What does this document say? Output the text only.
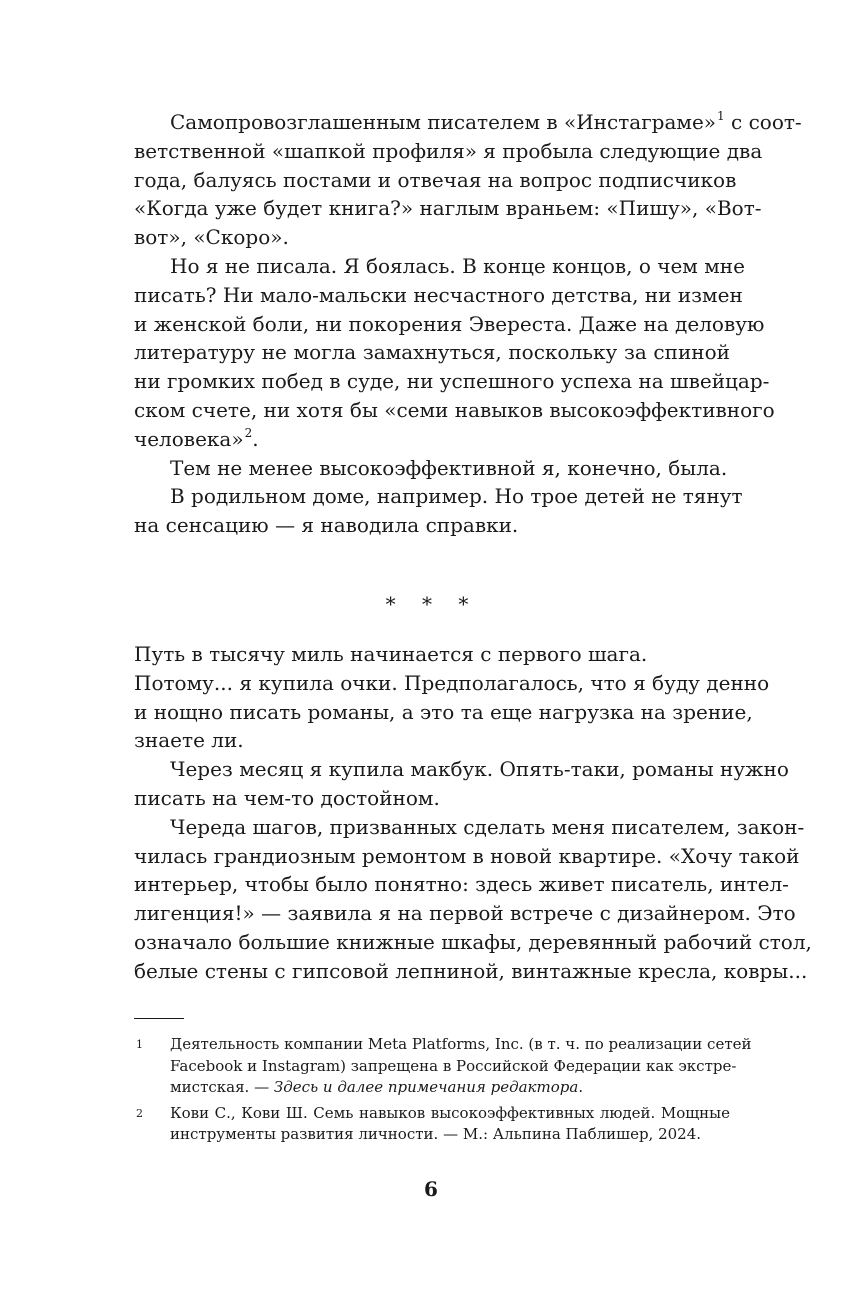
Самопровозглашенным писателем в «Инстаграме»$^1$ с соот-
ветственной «шапкой профиля» я пробыла следующие два
года, балуясь постами и отвечая на вопрос подписчиков
«Когда уже будет книга?» наглым враньем: «Пишу», «Вот-
вот», «Скоро».
Но я не писала. Я боялась. В конце концов, о чем мне
писать? Ни мало-мальски несчастного детства, ни измен
и женской боли, ни покорения Эвереста. Даже на деловую
литературу не могла замахнуться, поскольку за спиной
ни громких побед в суде, ни успешного успеха на швейцар-
ском счете, ни хотя бы «семи навыков высокоэффективного
человека»$^2$.
Тем не менее высокоэффективной я, конечно, была.
В родильном доме, например. Но трое детей не тянут
на сенсацию — я наводила справки.
* * *
Путь в тысячу миль начинается с первого шага.
Потому... я купила очки. Предполагалось, что я буду денно
и нощно писать романы, а это та еще нагрузка на зрение,
знаете ли.
Через месяц я купила макбук. Опять-таки, романы нужно
писать на чем-то достойном.
Череда шагов, призванных сделать меня писателем, закон-
чилась грандиозным ремонтом в новой квартире. «Хочу такой
интерьер, чтобы было понятно: здесь живет писатель, интел-
лигенция!» — заявила я на первой встрече с дизайнером. Это
означало большие книжные шкафы, деревянный рабочий стол,
белые стены с гипсовой лепниной, винтажные кресла, ковры...
1 Деятельность компании Meta Platforms, Inc. (в т. ч. по реализации сетей
Facebook и Instagram) запрещена в Российской Федерации как экстре-
мистская. — Здесь и далее примечания редактора.
2 Кови С., Кови Ш. Семь навыков высокоэффективных людей. Мощные
инструменты развития личности. — М.: Альпина Паблишер, 2024.
6
